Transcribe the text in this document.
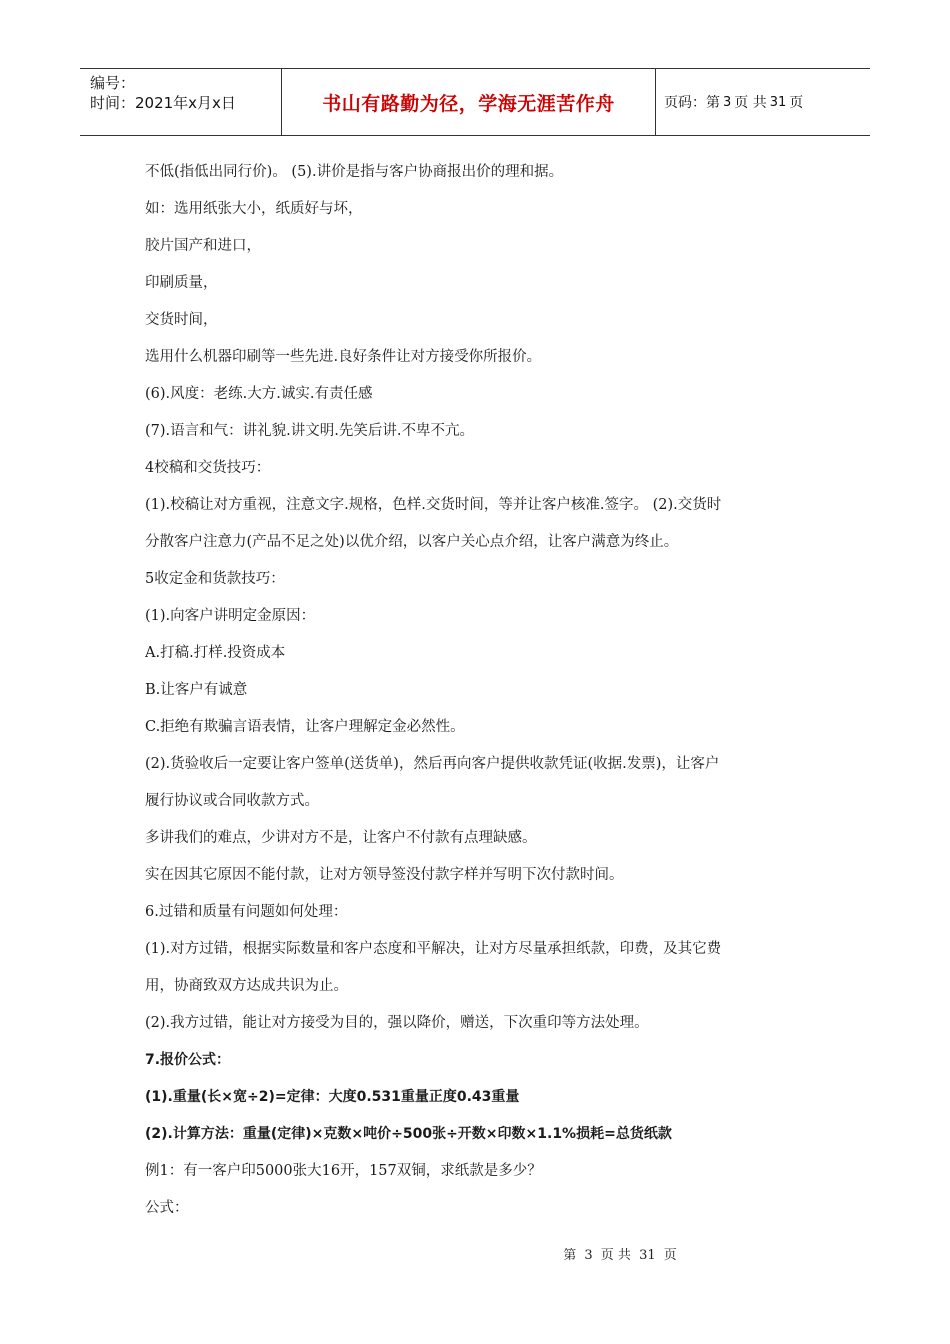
编号：
时间：2021年x月x日	书山有路勤为径，学海无涯苦作舟	页码：第 3 页 共 31 页
不低(指低出同行价)。 (5).讲价是指与客户协商报出价的理和据。
如：选用纸张大小，纸质好与坏，
胶片国产和进口，
印刷质量，
交货时间，
选用什么机器印刷等一些先进.良好条件让对方接受你所报价。
(6).风度：老练.大方.诚实.有责任感
(7).语言和气：讲礼貌.讲文明.先笑后讲.不卑不亢。
4校稿和交货技巧：
(1).校稿让对方重视，注意文字.规格，色样.交货时间，等并让客户核准.签字。 (2).交货时
分散客户注意力(产品不足之处)以优介绍，以客户关心点介绍，让客户满意为终止。
5收定金和货款技巧：
(1).向客户讲明定金原因：
A.打稿.打样.投资成本
B.让客户有诚意
C.拒绝有欺骗言语表情，让客户理解定金必然性。
(2).货验收后一定要让客户签单(送货单)，然后再向客户提供收款凭证(收据.发票)，让客户
履行协议或合同收款方式。
多讲我们的难点，少讲对方不是，让客户不付款有点理缺感。
实在因其它原因不能付款，让对方领导签没付款字样并写明下次付款时间。
6.过错和质量有问题如何处理：
(1).对方过错，根据实际数量和客户态度和平解决，让对方尽量承担纸款，印费，及其它费
用，协商致双方达成共识为止。
(2).我方过错，能让对方接受为目的，强以降价，赠送，下次重印等方法处理。
7.报价公式：
(1).重量(长×宽÷2)=定律：大度0.531重量正度0.43重量
(2).计算方法：重量(定律)×克数×吨价÷500张÷开数×印数×1.1%损耗=总货纸款
例1：有一客户印5000张大16开，157双铜，求纸款是多少？
公式：
第 3 页 共 31 页
